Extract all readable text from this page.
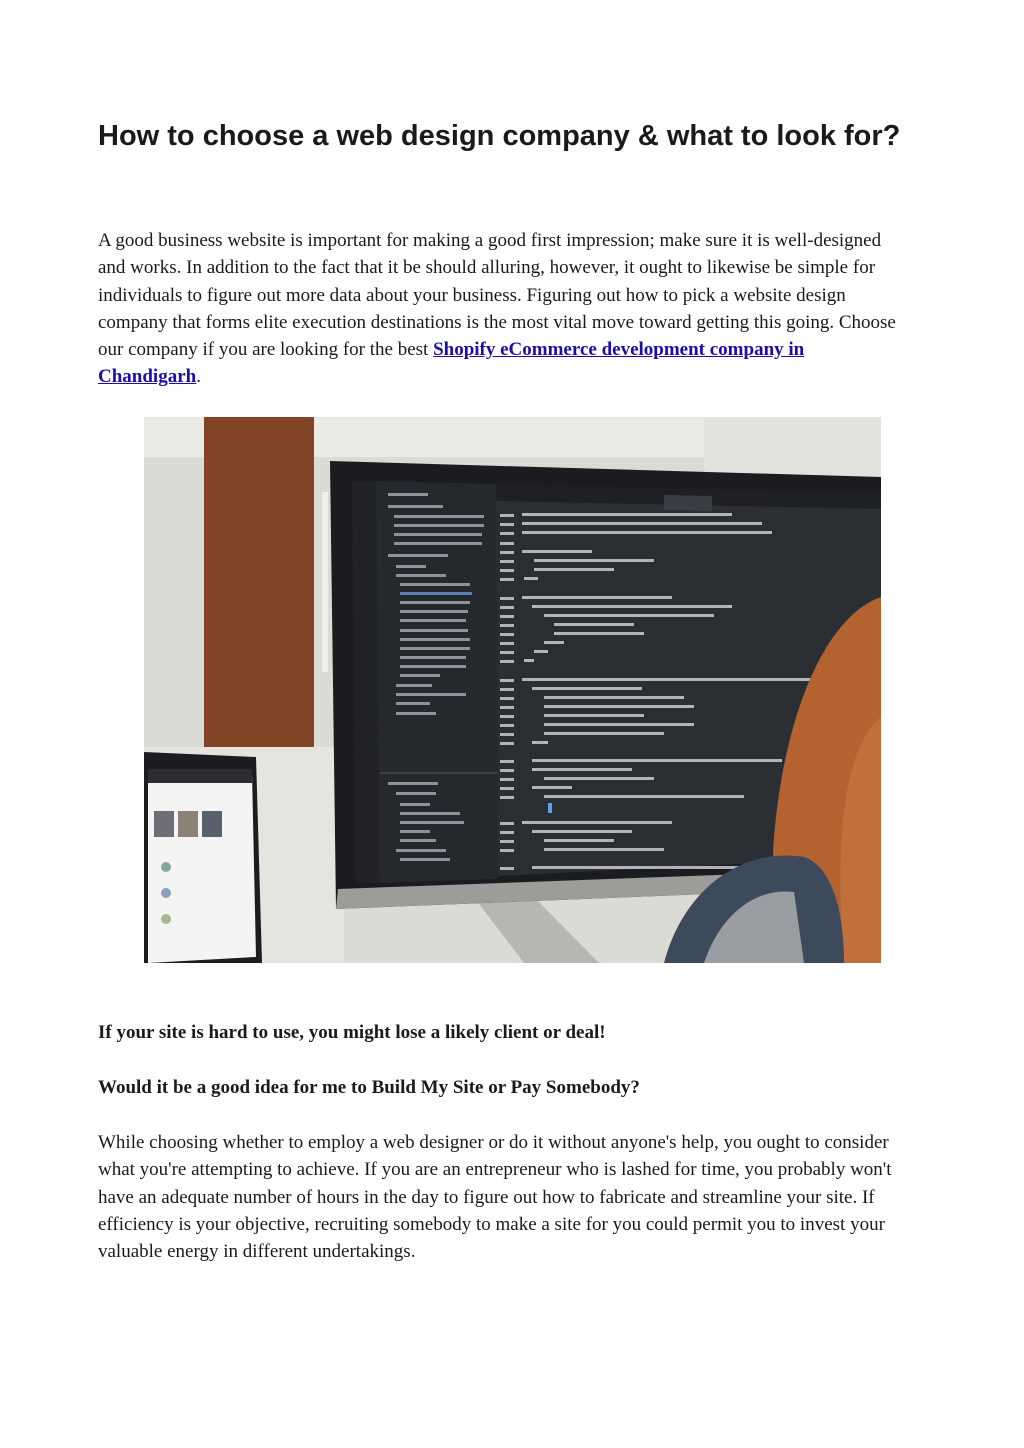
How to choose a web design company & what to look for?

A good business website is important for making a good first impression; make sure it is well-designed and works. In addition to the fact that it be should alluring, however, it ought to likewise be simple for individuals to figure out more data about your business. Figuring out how to pick a website design company that forms elite execution destinations is the most vital move toward getting this going. Choose our company if you are looking for the best Shopify eCommerce development company in Chandigarh.

If your site is hard to use, you might lose a likely client or deal!

Would it be a good idea for me to Build My Site or Pay Somebody?

While choosing whether to employ a web designer or do it without anyone's help, you ought to consider what you're attempting to achieve. If you are an entrepreneur who is lashed for time, you probably won't have an adequate number of hours in the day to figure out how to fabricate and streamline your site. If efficiency is your objective, recruiting somebody to make a site for you could permit you to invest your valuable energy in different undertakings.
